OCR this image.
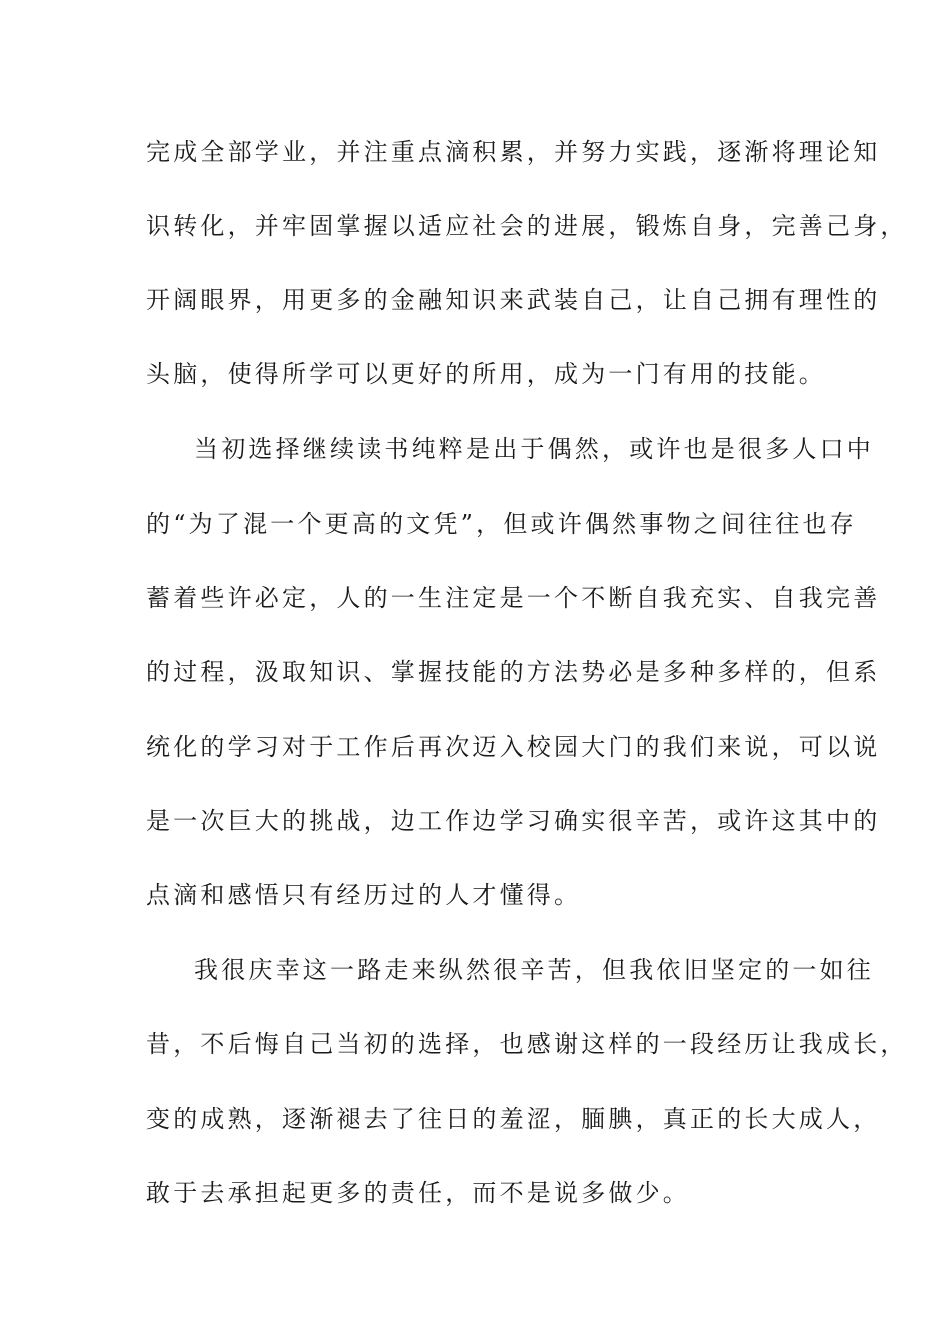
完成全部学业，并注重点滴积累，并努力实践，逐渐将理论知
识转化，并牢固掌握以适应社会的进展，锻炼自身，完善己身，
开阔眼界，用更多的金融知识来武装自己，让自己拥有理性的
头脑，使得所学可以更好的所用，成为一门有用的技能。
当初选择继续读书纯粹是出于偶然，或许也是很多人口中
的“为了混一个更高的文凭”，但或许偶然事物之间往往也存
蓄着些许必定，人的一生注定是一个不断自我充实、自我完善
的过程，汲取知识、掌握技能的方法势必是多种多样的，但系
统化的学习对于工作后再次迈入校园大门的我们来说，可以说
是一次巨大的挑战，边工作边学习确实很辛苦，或许这其中的
点滴和感悟只有经历过的人才懂得。
我很庆幸这一路走来纵然很辛苦，但我依旧坚定的一如往
昔，不后悔自己当初的选择，也感谢这样的一段经历让我成长，
变的成熟，逐渐褪去了往日的羞涩，腼腆，真正的长大成人，
敢于去承担起更多的责任，而不是说多做少。
